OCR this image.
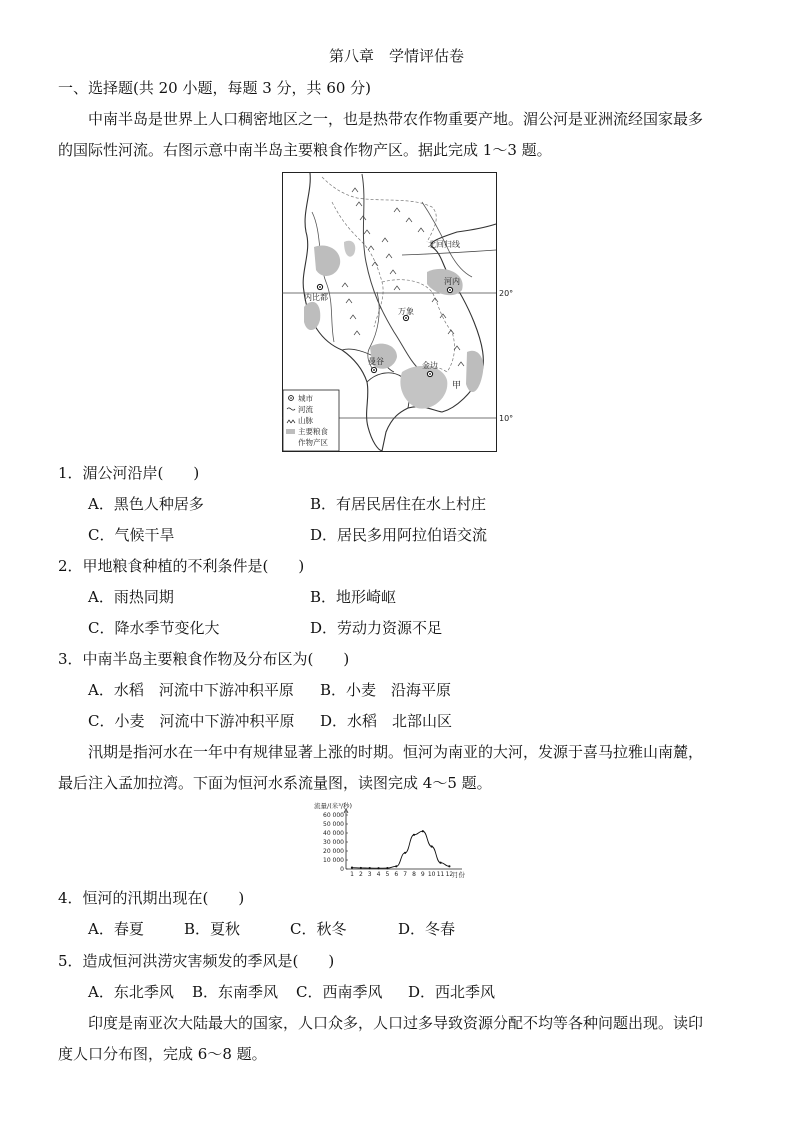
第八章　学情评估卷
一、选择题(共 20 小题，每题 3 分，共 60 分)
中南半岛是世界上人口稠密地区之一，也是热带农作物重要产地。湄公河是亚洲流经国家最多
的国际性河流。右图示意中南半岛主要粮食作物产区。据此完成 1～3 题。
北回归线
20°
10°
内比都
河内
万象
曼谷	金边
甲
城市
河流
山脉
主要粮食
作物产区
1．湄公河沿岸(　　)
A．黑色人种居多	B．有居民居住在水上村庄
C．气候干旱	D．居民多用阿拉伯语交流
2．甲地粮食种植的不利条件是(　　)
A．雨热同期	B．地形崎岖
C．降水季节变化大	D．劳动力资源不足
3．中南半岛主要粮食作物及分布区为(　　)
A．水稻　河流中下游冲积平原 B．小麦　沿海平原
C．小麦　河流中下游冲积平原 D．水稻　北部山区
汛期是指河水在一年中有规律显著上涨的时期。恒河为南亚的大河，发源于喜马拉雅山南麓，
最后注入孟加拉湾。下面为恒河水系流量图，读图完成 4～5 题。
流量/(米³/秒)
0
10 000
20 000
30 000
40 000
50 000
60 000
1 2 3 4 5 6 7 8 9 10 11 12
月份
4．恒河的汛期出现在(　　)
A．春夏	B．夏秋	C．秋冬	D．冬春
5．造成恒河洪涝灾害频发的季风是(　　)
A．东北季风 B．东南季风 C．西南季风 D．西北季风
印度是南亚次大陆最大的国家，人口众多，人口过多导致资源分配不均等各种问题出现。读印
度人口分布图，完成 6～8 题。
